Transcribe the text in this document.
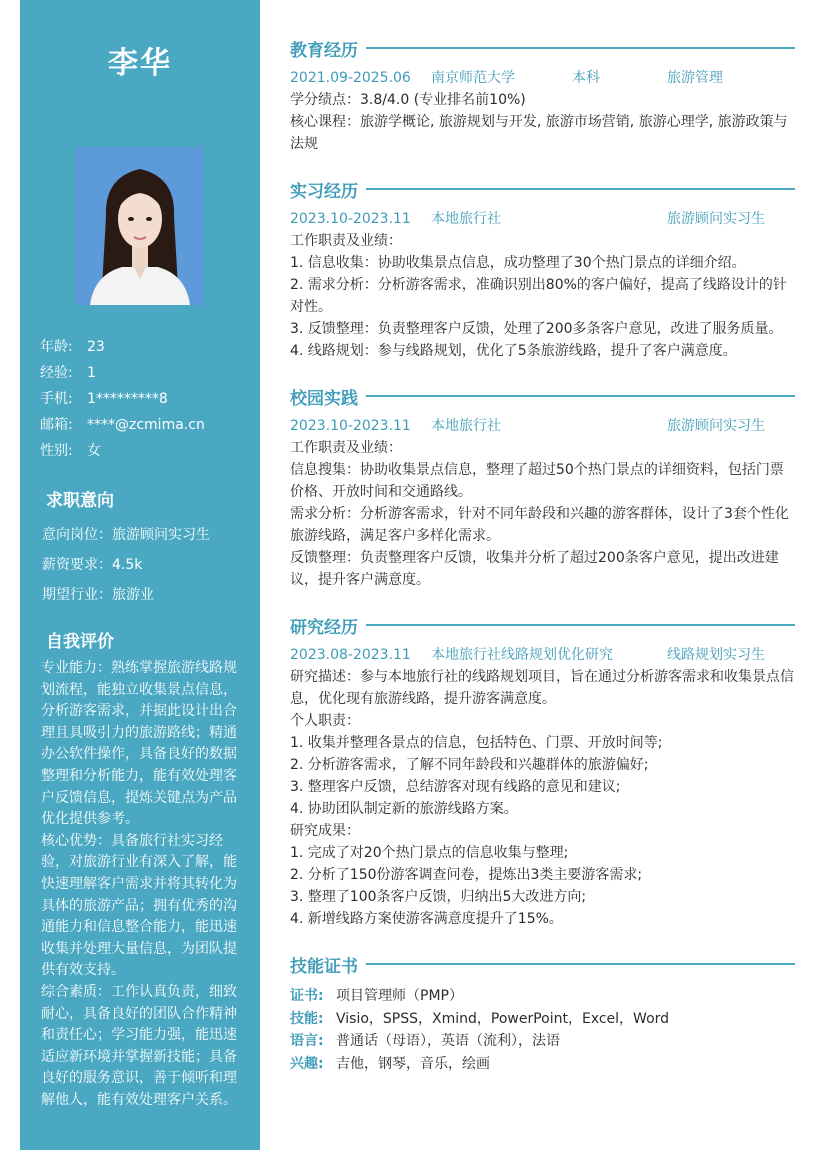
李华
年龄:	23
经验:	1
手机:	1*********8
邮箱:	****@zcmima.cn
性别:	女
求职意向
意向岗位：旅游顾问实习生
薪资要求：4.5k
期望行业：旅游业
自我评价
专业能力：熟练掌握旅游线路规划流程，能独立收集景点信息，分析游客需求，并据此设计出合理且具吸引力的旅游路线；精通办公软件操作，具备良好的数据整理和分析能力，能有效处理客户反馈信息，提炼关键点为产品优化提供参考。
核心优势：具备旅行社实习经验，对旅游行业有深入了解，能快速理解客户需求并将其转化为具体的旅游产品；拥有优秀的沟通能力和信息整合能力，能迅速收集并处理大量信息，为团队提供有效支持。
综合素质：工作认真负责，细致耐心，具备良好的团队合作精神和责任心；学习能力强，能迅速适应新环境并掌握新技能；具备良好的服务意识，善于倾听和理解他人，能有效处理客户关系。
教育经历
2021.09-2025.06	南京师范大学	本科	旅游管理
学分绩点：3.8/4.0 (专业排名前10%)
核心课程：旅游学概论, 旅游规划与开发, 旅游市场营销, 旅游心理学, 旅游政策与法规
实习经历
2023.10-2023.11	本地旅行社	旅游顾问实习生
工作职责及业绩：
1. 信息收集：协助收集景点信息，成功整理了30个热门景点的详细介绍。
2. 需求分析：分析游客需求，准确识别出80%的客户偏好，提高了线路设计的针对性。
3. 反馈整理：负责整理客户反馈，处理了200多条客户意见，改进了服务质量。
4. 线路规划：参与线路规划，优化了5条旅游线路，提升了客户满意度。
校园实践
2023.10-2023.11	本地旅行社	旅游顾问实习生
工作职责及业绩：
信息搜集：协助收集景点信息，整理了超过50个热门景点的详细资料，包括门票价格、开放时间和交通路线。
需求分析：分析游客需求，针对不同年龄段和兴趣的游客群体，设计了3套个性化旅游线路，满足客户多样化需求。
反馈整理：负责整理客户反馈，收集并分析了超过200条客户意见，提出改进建议，提升客户满意度。
研究经历
2023.08-2023.11	本地旅行社线路规划优化研究	线路规划实习生
研究描述：参与本地旅行社的线路规划项目，旨在通过分析游客需求和收集景点信息，优化现有旅游线路，提升游客满意度。
个人职责：
1. 收集并整理各景点的信息，包括特色、门票、开放时间等;
2. 分析游客需求，了解不同年龄段和兴趣群体的旅游偏好;
3. 整理客户反馈，总结游客对现有线路的意见和建议;
4. 协助团队制定新的旅游线路方案。
研究成果：
1. 完成了对20个热门景点的信息收集与整理;
2. 分析了150份游客调查问卷，提炼出3类主要游客需求;
3. 整理了100条客户反馈，归纳出5大改进方向;
4. 新增线路方案使游客满意度提升了15%。
技能证书
证书: 项目管理师（PMP）
技能: Visio，SPSS，Xmind，PowerPoint，Excel，Word
语言: 普通话（母语），英语（流利），法语
兴趣: 吉他，钢琴，音乐，绘画
